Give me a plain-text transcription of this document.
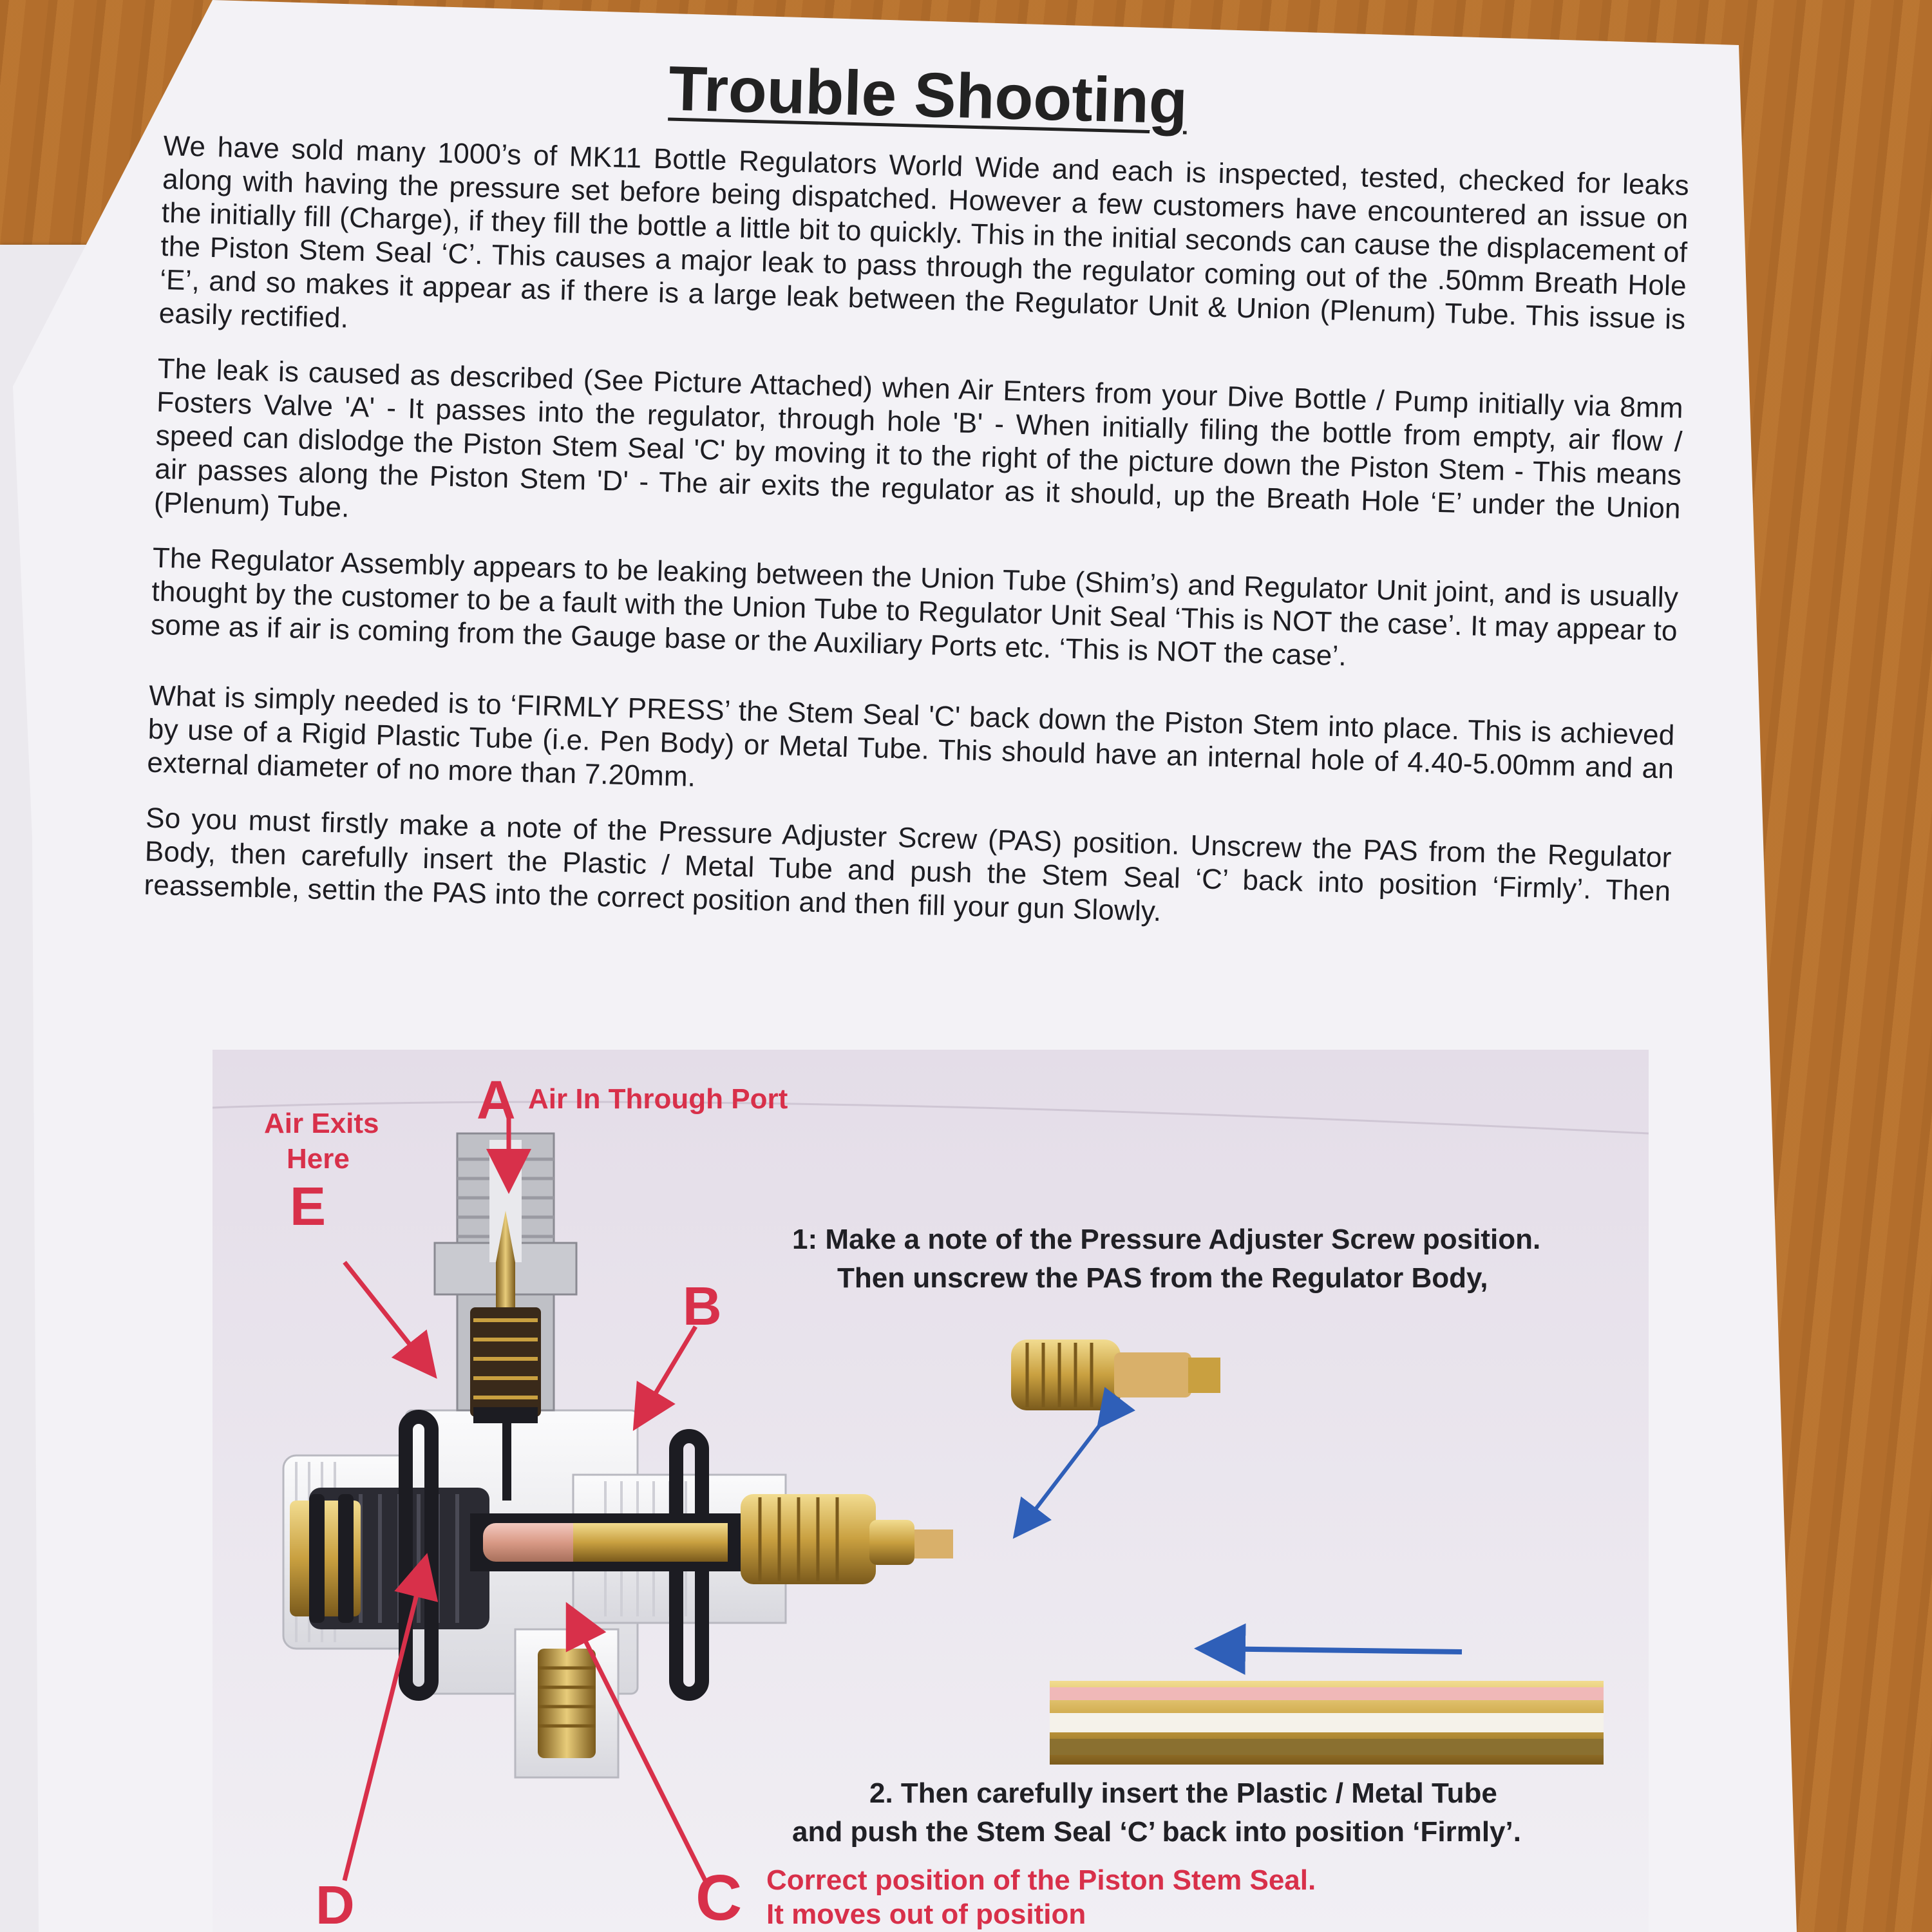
Trouble Shooting

We have sold many 1000’s of MK11 Bottle Regulators World Wide and each is inspected, tested, checked for leaks along with having the pressure set before being dispatched. However a few customers have encountered an issue on the initially fill (Charge), if they fill the bottle a little bit to quickly. This in the initial seconds can cause the displacement of the Piston Stem Seal ‘C’. This causes a major leak to pass through the regulator coming out of the .50mm Breath Hole ‘E’, and so makes it appear as if there is a large leak between the Regulator Unit & Union (Plenum) Tube. This issue is easily rectified.

The leak is caused as described (See Picture Attached) when Air Enters from your Dive Bottle / Pump initially via 8mm Fosters Valve 'A' - It passes into the regulator, through hole 'B' - When initially filing the bottle from empty, air flow / speed can dislodge the Piston Stem Seal 'C' by moving it to the right of the picture down the Piston Stem - This means air passes along the Piston Stem 'D' - The air exits the regulator as it should, up the Breath Hole ‘E’ under the Union (Plenum) Tube.

The Regulator Assembly appears to be leaking between the Union Tube (Shim’s) and Regulator Unit joint, and is usually thought by the customer to be a fault with the Union Tube to Regulator Unit Seal ‘This is NOT the case’. It may appear to some as if air is coming from the Gauge base or the Auxiliary Ports etc. ‘This is NOT the case’.

What is simply needed is to ‘FIRMLY PRESS’ the Stem Seal 'C' back down the Piston Stem into place. This is achieved by use of a Rigid Plastic Tube (i.e. Pen Body) or Metal Tube. This should have an internal hole of 4.40-5.00mm and an external diameter of no more than 7.20mm.

So you must firstly make a note of the Pressure Adjuster Screw (PAS) position. Unscrew the PAS from the Regulator Body, then carefully insert the Plastic / Metal Tube and push the Stem Seal ‘C’ back into position ‘Firmly’. Then reassemble, settin the PAS into the correct position and then fill your gun Slowly.

A Air In Through Port
Air Exits
Here
E
B
D	C Correct position of the Piston Stem Seal.
It moves out of position
1: Make a note of the Pressure Adjuster Screw position.
Then unscrew the PAS from the Regulator Body,
2. Then carefully insert the Plastic / Metal Tube
and push the Stem Seal ‘C’ back into position ‘Firmly’.
